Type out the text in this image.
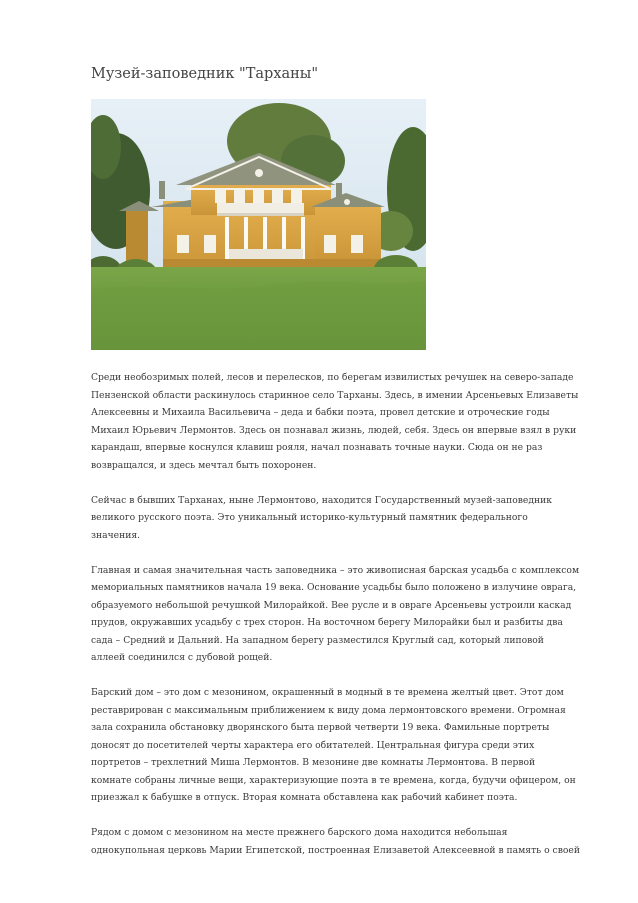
Музей-заповедник "Тарханы"

Среди необозримых полей, лесов и перелесков, по берегам извилистых речушек на северо-западе
Пензенской области раскинулось старинное село Тарханы. Здесь, в имении Арсеньевых Елизаветы
Алексеевны и Михаила Васильевича – деда и бабки поэта, провел детские и отроческие годы
Михаил Юрьевич Лермонтов. Здесь он познавал жизнь, людей, себя. Здесь он впервые взял в руки
карандаш, впервые коснулся клавиш рояля, начал познавать точные науки. Сюда он не раз
возвращался, и здесь мечтал быть похоронен.

Сейчас в бывших Тарханах, ныне Лермонтово, находится Государственный музей-заповедник
великого русского поэта. Это уникальный историко-культурный памятник федерального
значения.

Главная и самая значительная часть заповедника – это живописная барская усадьба с комплексом
мемориальных памятников начала 19 века. Основание усадьбы было положено в излучине оврага,
образуемого небольшой речушкой Милорайкой. Вее русле и в овраге Арсеньевы устроили каскад
прудов, окружавших усадьбу с трех сторон. На восточном берегу Милорайки был и разбиты два
сада – Средний и Дальний. На западном берегу разместился Круглый сад, который липовой
аллеей соединился с дубовой рощей.

Барский дом – это дом с мезонином, окрашенный в модный в те времена желтый цвет. Этот дом
реставрирован с максимальным приближением к виду дома лермонтовского времени. Огромная
зала сохранила обстановку дворянского быта первой четверти 19 века. Фамильные портреты
доносят до посетителей черты характера его обитателей. Центральная фигура среди этих
портретов – трехлетний Миша Лермонтов. В мезонине две комнаты Лермонтова. В первой
комнате собраны личные вещи, характеризующие поэта в те времена, когда, будучи офицером, он
приезжал к бабушке в отпуск. Вторая комната обставлена как рабочий кабинет поэта.

Рядом с домом с мезонином на месте прежнего барского дома находится небольшая
однокупольная церковь Марии Египетской, построенная Елизаветой Алексеевной в память о своей
